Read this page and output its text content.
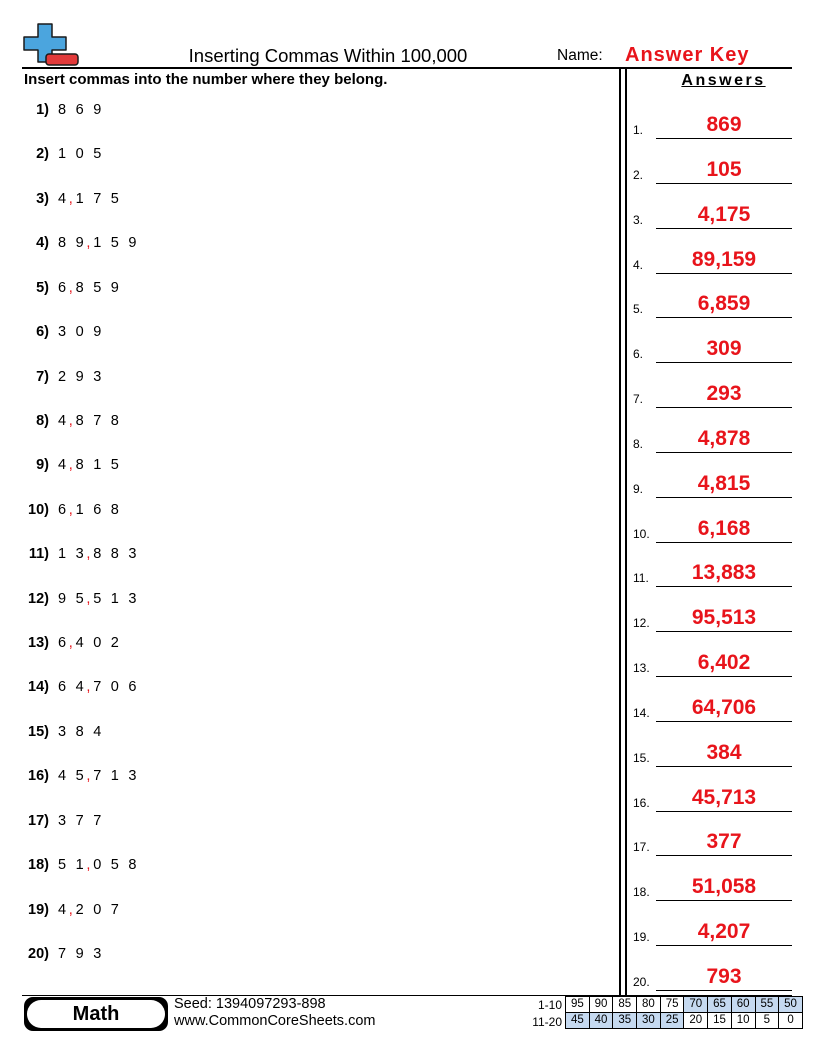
Inserting Commas Within 100,000	Name: Answer Key
Insert commas into the number where they belong.	Answers
1) 8 6 9
2) 1 0 5
3) 4 , 1 7 5
4) 8 9 , 1 5 9
5) 6 , 8 5 9
6) 3 0 9
7) 2 9 3
8) 4 , 8 7 8
9) 4 , 8 1 5
10) 6 , 1 6 8
11) 1 3 , 8 8 3
12) 9 5 , 5 1 3
13) 6 , 4 0 2
14) 6 4 , 7 0 6
15) 3 8 4
16) 4 5 , 7 1 3
17) 3 7 7
18) 5 1 , 0 5 8
19) 4 , 2 0 7
20) 7 9 3
1.	869
2.	105
3.	4,175
4.	89,159
5.	6,859
6.	309
7.	293
8.	4,878
9.	4,815
10.	6,168
11.	13,883
12.	95,513
13.	6,402
14.	64,706
15.	384
16.	45,713
17.	377
18.	51,058
19.	4,207
20.	793
Math	Seed: 1394097293-898
www.CommonCoreSheets.com
1-10
11-20
95	90	85	80	75	70	65	60	55	50
45	40	35	30	25	20	15	10	5	0
